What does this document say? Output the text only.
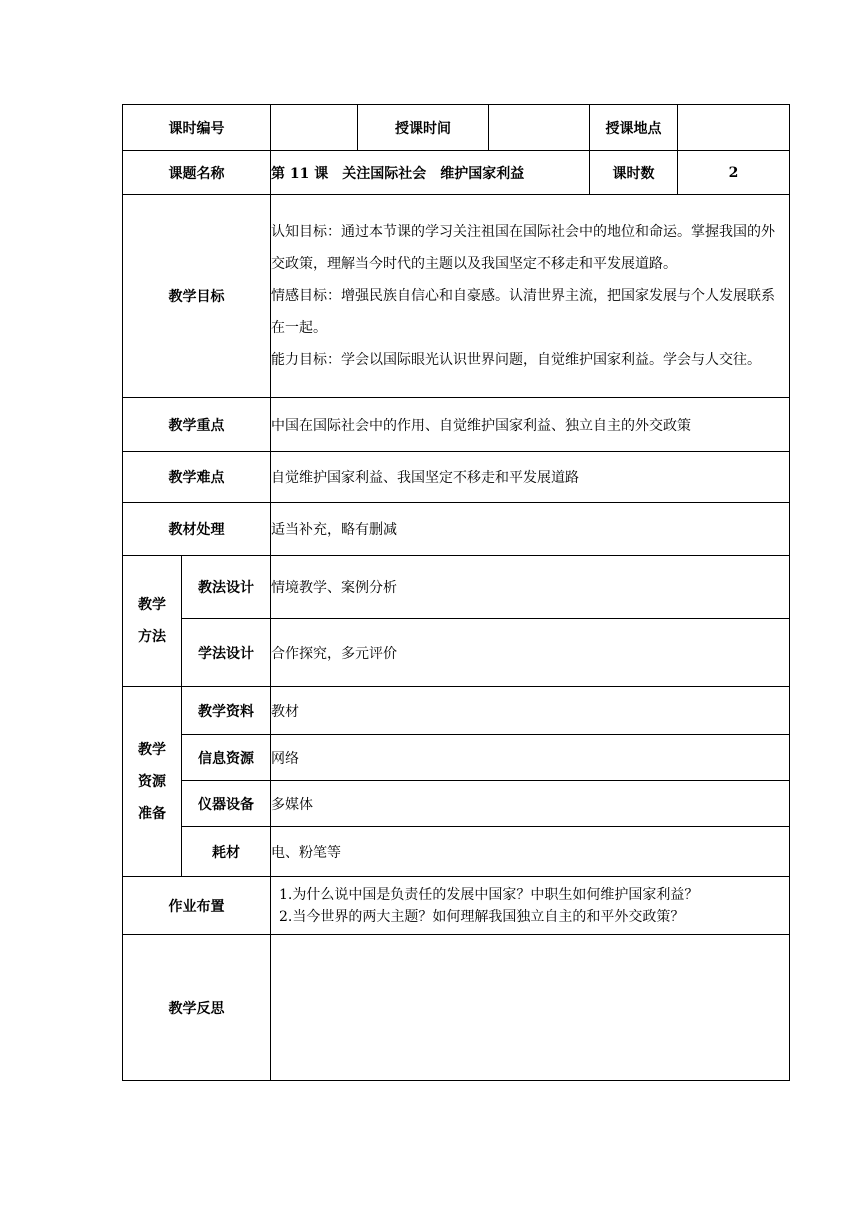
课时编号			授课时间		授课地点	
课题名称		第 11 课　关注国际社会　维护国家利益			课时数	2
教学目标		认知目标：通过本节课的学习关注祖国在国际社会中的地位和命运。掌握我国的外交政策，理解当今时代的主题以及我国坚定不移走和平发展道路。
情感目标：增强民族自信心和自豪感。认清世界主流，把国家发展与个人发展联系在一起。
能力目标：学会以国际眼光认识世界问题，自觉维护国家利益。学会与人交往。				

教学重点		中国在国际社会中的作用、自觉维护国家利益、独立自主的外交政策				
教学难点		自觉维护国家利益、我国坚定不移走和平发展道路				
教材处理		适当补充，略有删减				

教学
方法	教法设计	情境教学、案例分析				
	学法设计	合作探究，多元评价				

教学
资源
准备	教学资料	教材				
	信息资源	网络				
	仪器设备	多媒体				
	耗材	电、粉笔等				
作业布置		1.为什么说中国是负责任的发展中国家？中职生如何维护国家利益？
2.当今世界的两大主题？如何理解我国独立自主的和平外交政策？				

教学反思						
